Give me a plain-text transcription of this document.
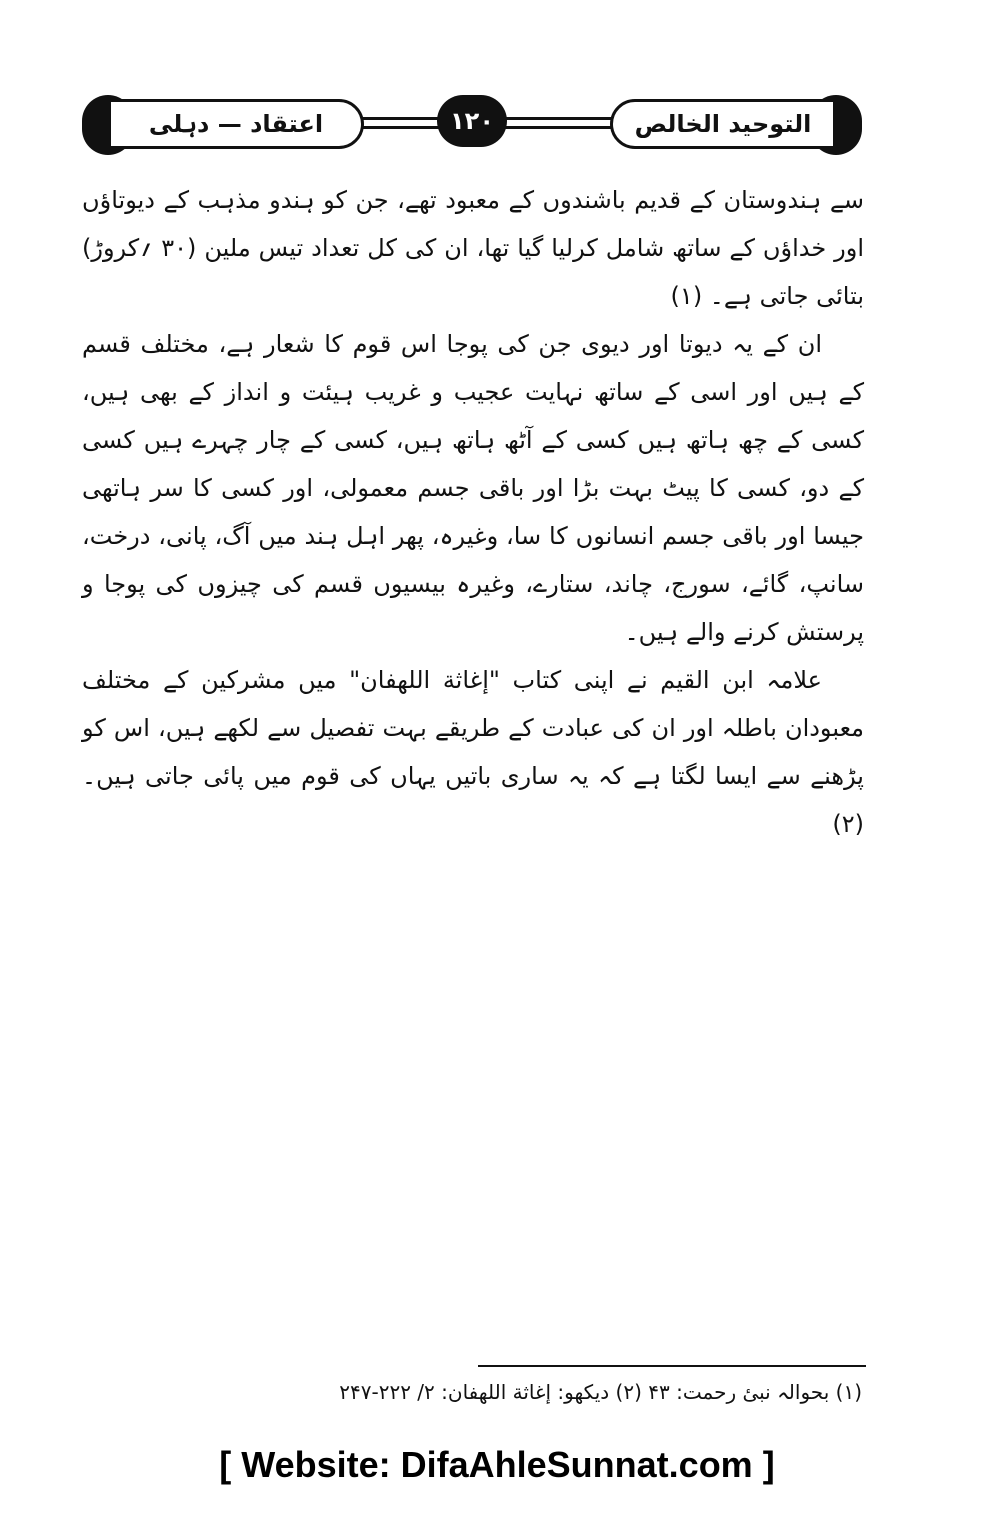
اعتقاد — دہلی	۱۲۰	التوحید الخالص

سے ہندوستان کے قدیم باشندوں کے معبود تھے، جن کو ہندو مذہب کے دیوتاؤں اور خداؤں کے ساتھ شامل کرلیا گیا تھا، ان کی کل تعداد تیس ملین (۳۰ ؍کروڑ) بتائی جاتی ہے۔ (۱)

ان کے یہ دیوتا اور دیوی جن کی پوجا اس قوم کا شعار ہے، مختلف قسم کے ہیں اور اسی کے ساتھ نہایت عجیب و غریب ہیئت و انداز کے بھی ہیں، کسی کے چھ ہاتھ ہیں کسی کے آٹھ ہاتھ ہیں، کسی کے چار چہرے ہیں کسی کے دو، کسی کا پیٹ بہت بڑا اور باقی جسم معمولی، اور کسی کا سر ہاتھی جیسا اور باقی جسم انسانوں کا سا، وغیرہ، پھر اہل ہند میں آگ، پانی، درخت، سانپ، گائے، سورج، چاند، ستارے، وغیرہ بیسیوں قسم کی چیزوں کی پوجا و پرستش کرنے والے ہیں۔

علامہ ابن القیم نے اپنی کتاب "إغاثة اللهفان" میں مشرکین کے مختلف معبودان باطلہ اور ان کی عبادت کے طریقے بہت تفصیل سے لکھے ہیں، اس کو پڑھنے سے ایسا لگتا ہے کہ یہ ساری باتیں یہاں کی قوم میں پائی جاتی ہیں۔ (۲)

(۱) بحوالہ نبیٔ رحمت: ۴۳ (۲) دیکھو: إغاثة اللهفان: ۲/ ۲۲۲-۲۴۷
[ Website: DifaAhleSunnat.com ]
